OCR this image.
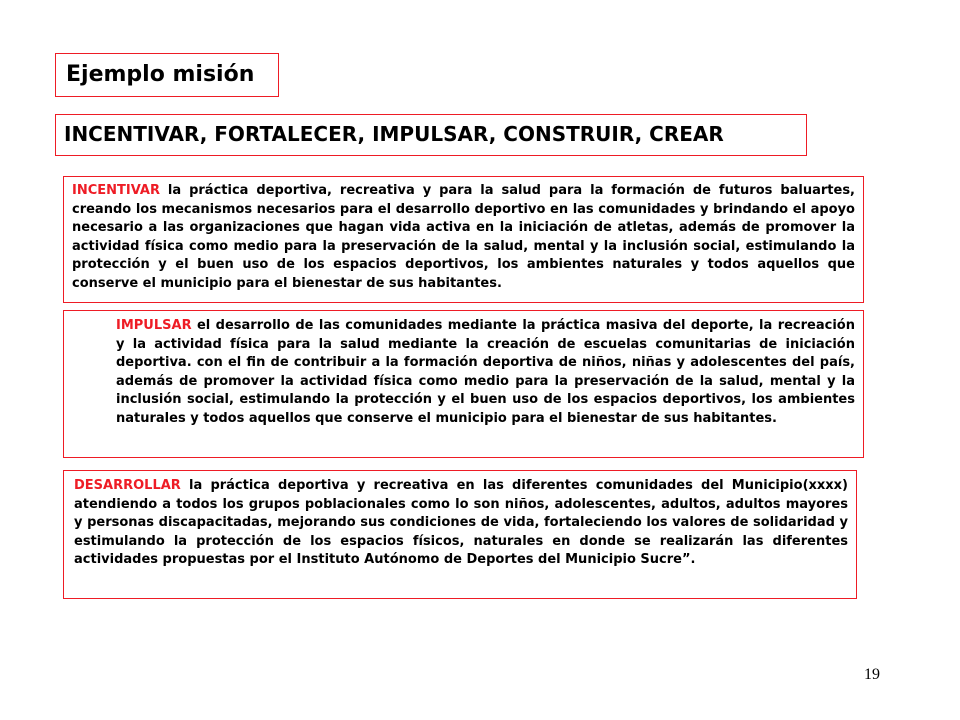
Ejemplo misión
INCENTIVAR, FORTALECER, IMPULSAR, CONSTRUIR, CREAR
INCENTIVAR la práctica deportiva, recreativa y para la salud para la formación de futuros baluartes, creando los mecanismos necesarios para el desarrollo deportivo en las comunidades y brindando el apoyo necesario a las organizaciones que hagan vida activa en la iniciación de atletas, además de promover la actividad física como medio para la preservación de la salud, mental y la inclusión social, estimulando la protección y el buen uso de los espacios deportivos, los ambientes naturales y todos aquellos que conserve el municipio para el bienestar de sus habitantes.
IMPULSAR el desarrollo de las comunidades mediante la práctica masiva del deporte, la recreación y la actividad física para la salud mediante la creación de escuelas comunitarias de iniciación deportiva. con el fin de contribuir a la formación deportiva de niños, niñas y adolescentes del país, además de promover la actividad física como medio para la preservación de la salud, mental y la inclusión social, estimulando la protección y el buen uso de los espacios deportivos, los ambientes naturales y todos aquellos que conserve el municipio para el bienestar de sus habitantes.
DESARROLLAR la práctica deportiva y recreativa en las diferentes comunidades del Municipio(xxxx) atendiendo a todos los grupos poblacionales como lo son niños, adolescentes, adultos, adultos mayores y personas discapacitadas, mejorando sus condiciones de vida, fortaleciendo los valores de solidaridad y estimulando la protección de los espacios físicos, naturales en donde se realizarán las diferentes actividades propuestas por el Instituto Autónomo de Deportes del Municipio Sucre”.
19
